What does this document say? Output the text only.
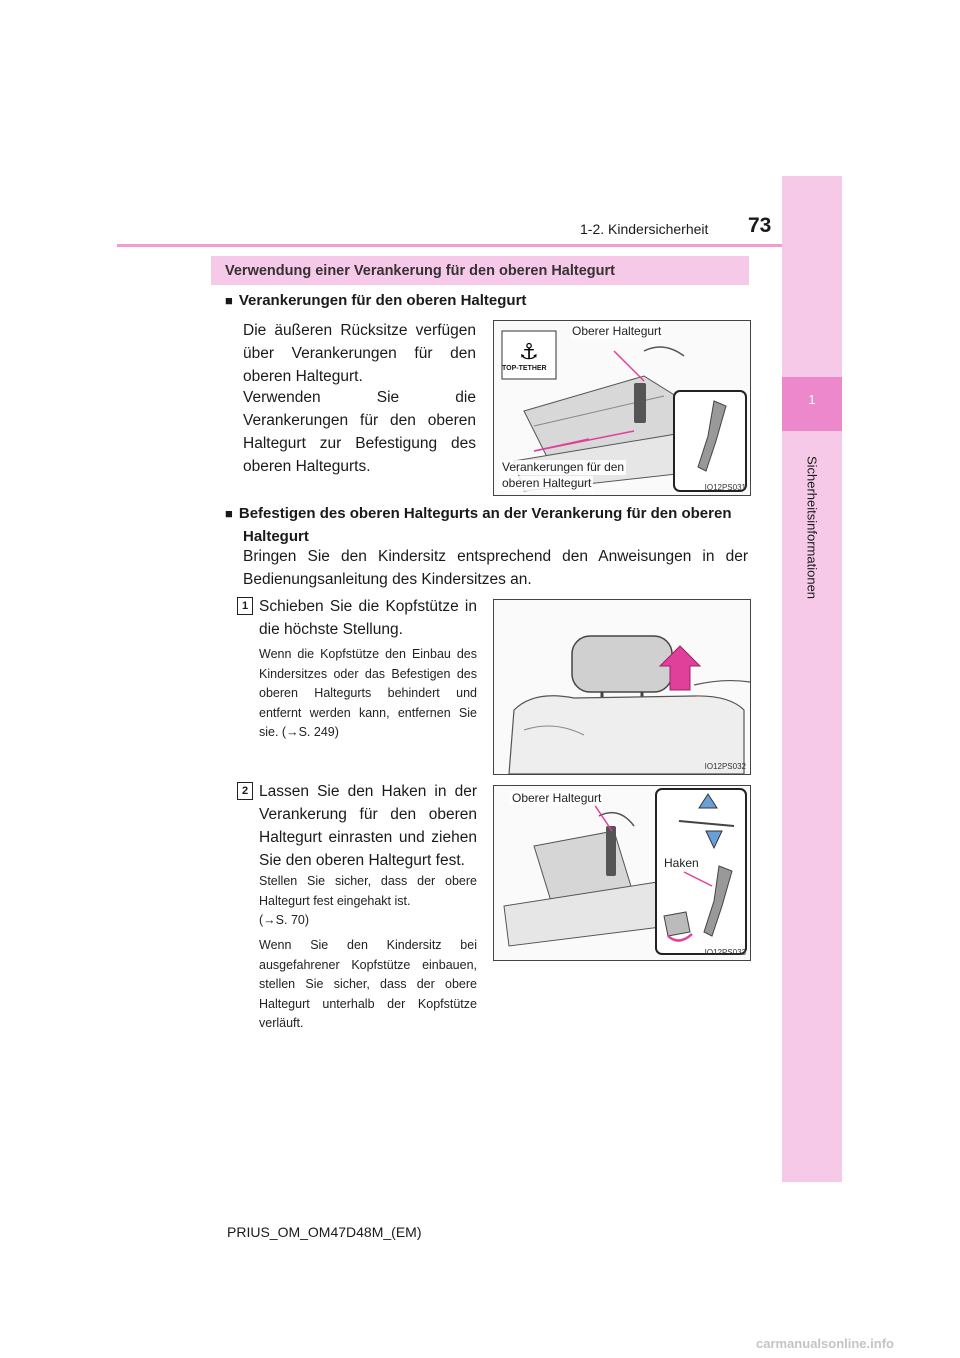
1-2. Kindersicherheit 73
1
Sicherheitsinformationen
Verwendung einer Verankerung für den oberen Haltegurt
■ Verankerungen für den oberen Haltegurt
Die äußeren Rücksitze verfügen über Verankerungen für den oberen Haltegurt.
Verwenden Sie die Verankerungen für den oberen Haltegurt zur Befestigung des oberen Haltegurts.
⚓
TOP-TETHER
Oberer Haltegurt
Verankerungen für den
oberen Haltegurt	IO12PS031
■ Befestigen des oberen Haltegurts an der Verankerung für den oberen
Haltegurt
Bringen Sie den Kindersitz entsprechend den Anweisungen in der Bedienungsanleitung des Kindersitzes an.
1 Schieben Sie die Kopfstütze in die höchste Stellung.
Wenn die Kopfstütze den Einbau des Kindersitzes oder das Befestigen des oberen Haltegurts behindert und entfernt werden kann, entfernen Sie sie. (→S. 249)
IO12PS032
2 Lassen Sie den Haken in der Verankerung für den oberen Haltegurt einrasten und ziehen Sie den oberen Haltegurt fest.
Stellen Sie sicher, dass der obere Haltegurt fest eingehakt ist.
(→S. 70)
Wenn Sie den Kindersitz bei ausgefahrener Kopfstütze einbauen, stellen Sie sicher, dass der obere Haltegurt unterhalb der Kopfstütze verläuft.
Oberer Haltegurt
Haken
IO12PS033
PRIUS_OM_OM47D48M_(EM)
carmanualsonline.info
